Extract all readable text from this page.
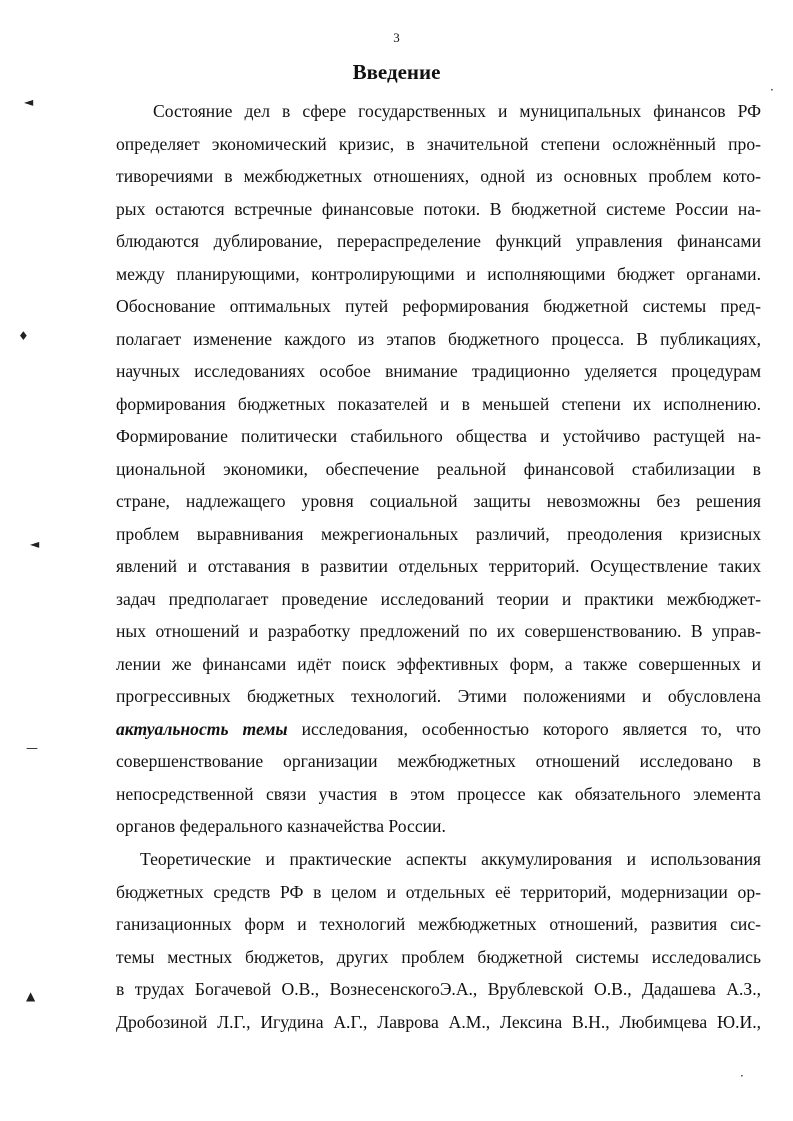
3
Введение
Состояние дел в сфере государственных и муниципальных финансов РФ
определяет экономический кризис, в значительной степени осложнённый про-
тиворечиями в межбюджетных отношениях, одной из основных проблем кото-
рых остаются встречные финансовые потоки. В бюджетной системе России на-
блюдаются дублирование, перераспределение функций управления финансами
между планирующими, контролирующими и исполняющими бюджет органами.
Обоснование оптимальных путей реформирования бюджетной системы пред-
полагает изменение каждого из этапов бюджетного процесса. В публикациях,
научных исследованиях особое внимание традиционно уделяется процедурам
формирования бюджетных показателей и в меньшей степени их исполнению.
Формирование политически стабильного общества и устойчиво растущей на-
циональной экономики, обеспечение реальной финансовой стабилизации в
стране, надлежащего уровня социальной защиты невозможны без решения
проблем выравнивания межрегиональных различий, преодоления кризисных
явлений и отставания в развитии отдельных территорий. Осуществление таких
задач предполагает проведение исследований теории и практики межбюджет-
ных отношений и разработку предложений по их совершенствованию. В управ-
лении же финансами идёт поиск эффективных форм, а также совершенных и
прогрессивных бюджетных технологий. Этими положениями и обусловлена
актуальность темы исследования, особенностью которого является то, что
совершенствование организации межбюджетных отношений исследовано в
непосредственной связи участия в этом процессе как обязательного элемента
органов федерального казначейства России.
Теоретические и практические аспекты аккумулирования и использования
бюджетных средств РФ в целом и отдельных её территорий, модернизации ор-
ганизационных форм и технологий межбюджетных отношений, развития сис-
темы местных бюджетов, других проблем бюджетной системы исследовались
в трудах Богачевой О.В., ВознесенскогоЭ.А., Врублевской О.В., Дадашева А.З.,
Дробозиной Л.Г., Игудина А.Г., Лаврова А.М., Лексина В.Н., Любимцева Ю.И.,
◄
♦
◄
—
▲
·
·
